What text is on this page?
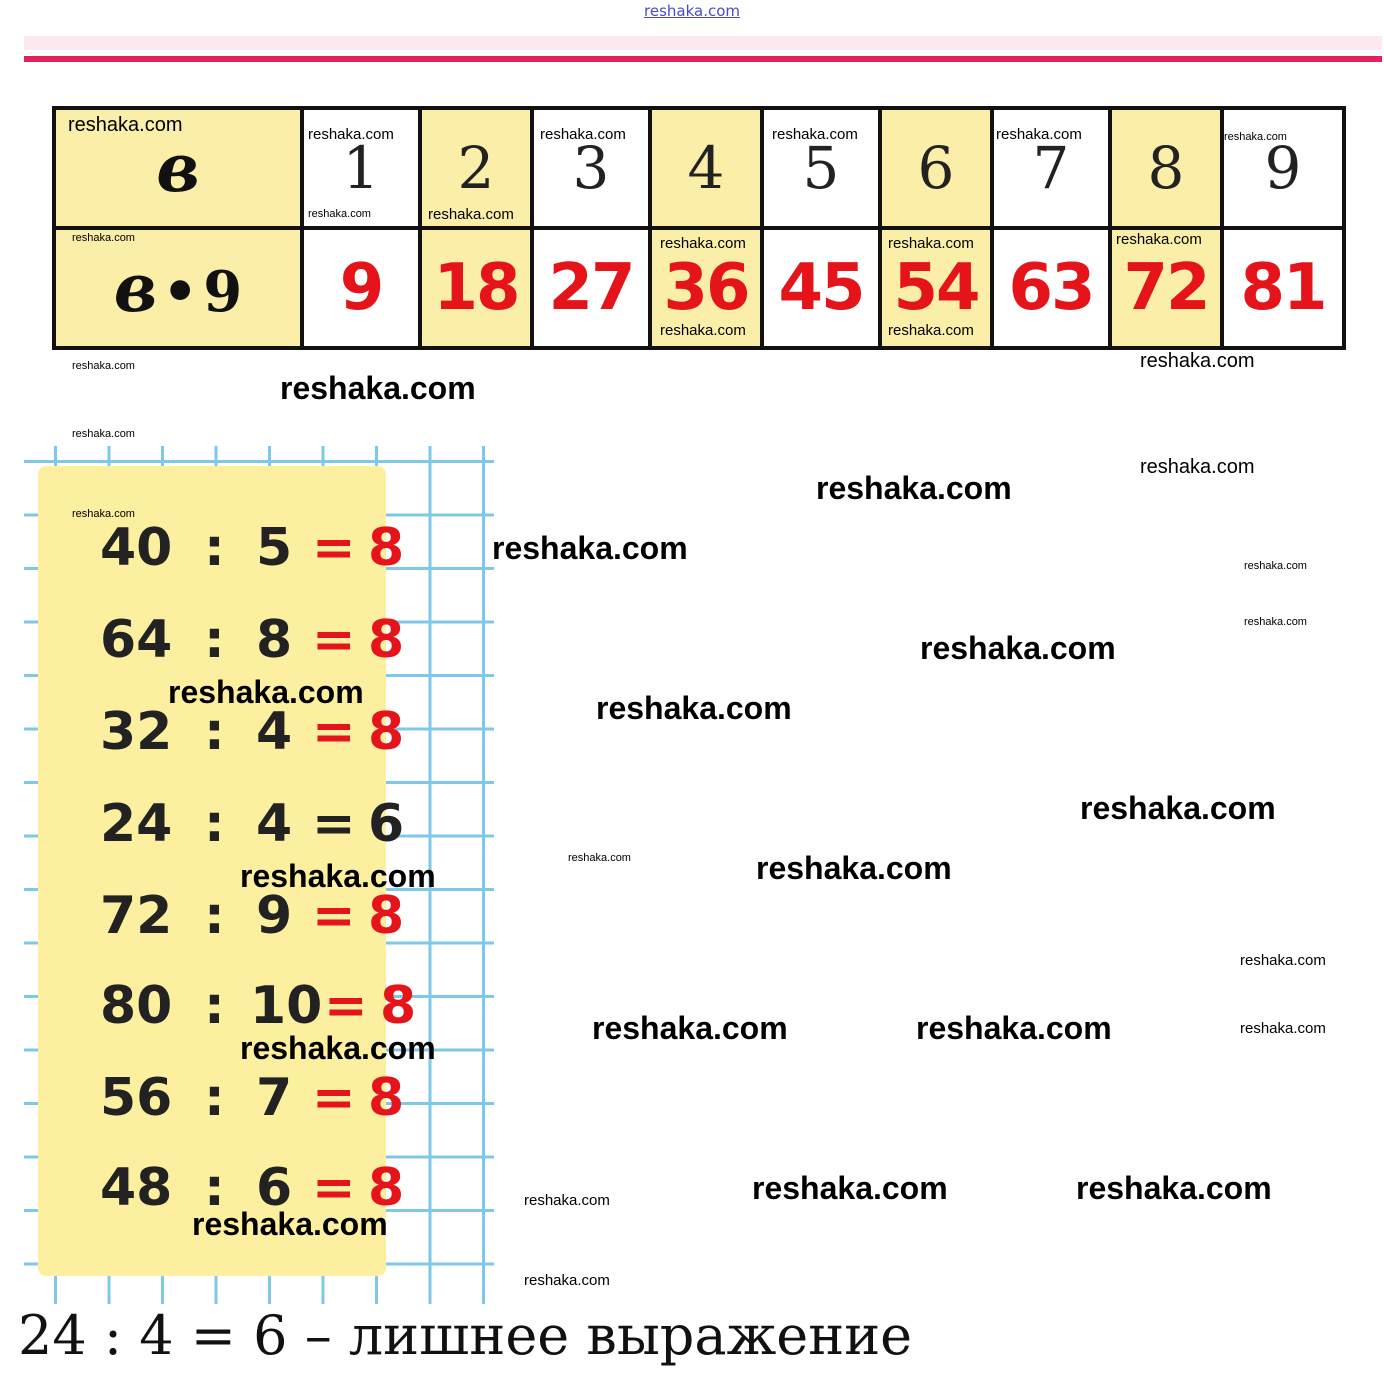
reshaka.com
в	1	2	3	4	5	6	7	8	9
в • 9	9	18	27	36	45	54	63	72	81
40 : 5 = 8
64 : 8 = 8
32 : 4 = 8
24 : 4 = 6
72 : 9 = 8
80 : 10 = 8
56 : 7 = 8
48 : 6 = 8
24 : 4 = 6 – лишнее выражение
reshaka.com	reshaka.com	reshaka.com	reshaka.com	reshaka.com	reshaka.com
reshaka.com	reshaka.com
reshaka.com	reshaka.com	reshaka.com	reshaka.com
reshaka.com	reshaka.com
reshaka.com	reshaka.com
reshaka.com
reshaka.com
reshaka.com
reshaka.com
reshaka.com
reshaka.com	reshaka.com
reshaka.com
reshaka.com
reshaka.com	reshaka.com
reshaka.com
reshaka.com	reshaka.com
reshaka.com
reshaka.com
reshaka.com	reshaka.com	reshaka.com
reshaka.com
reshaka.com	reshaka.com	reshaka.com
reshaka.com
reshaka.com
